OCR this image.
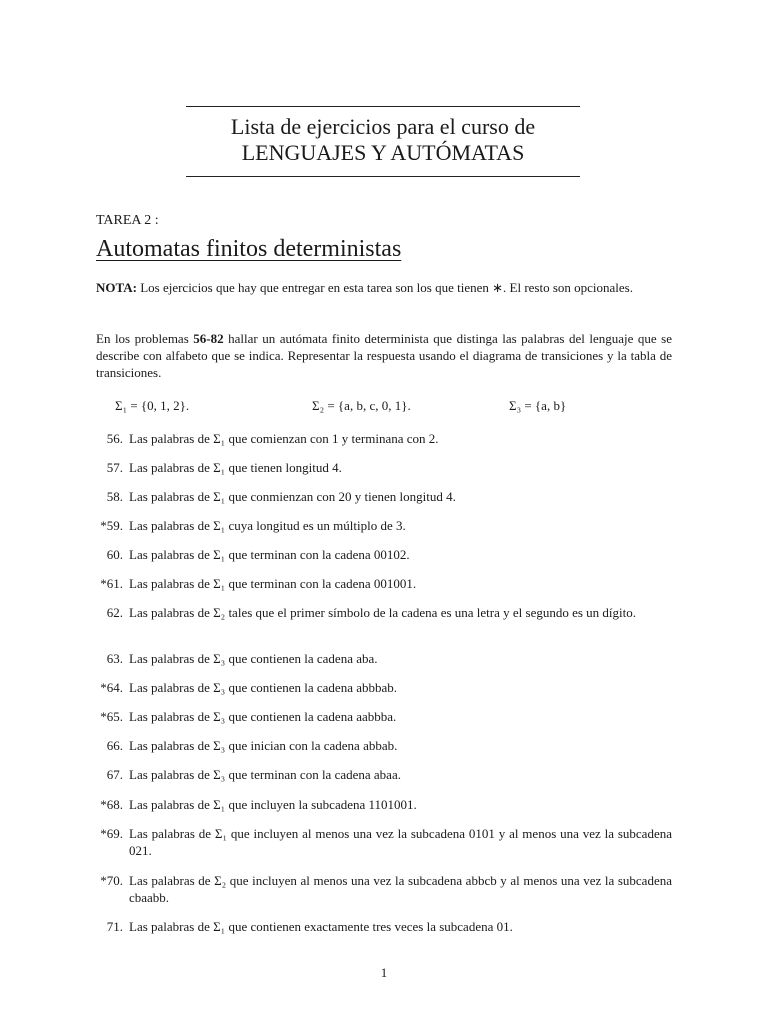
Lista de ejercicios para el curso de
LENGUAJES Y AUTÓMATAS
TAREA 2 :
Automatas finitos deterministas
NOTA: Los ejercicios que hay que entregar en esta tarea son los que tienen ∗. El resto son opcionales.
En los problemas 56-82 hallar un autómata finito determinista que distinga las palabras del lenguaje que se describe con alfabeto que se indica. Representar la respuesta usando el diagrama de transiciones y la tabla de transiciones.
Σ₁ = {0, 1, 2}.	Σ₂ = {a, b, c, 0, 1}.	Σ₃ = {a, b}
56. Las palabras de Σ₁ que comienzan con 1 y terminana con 2.
57. Las palabras de Σ₁ que tienen longitud 4.
58. Las palabras de Σ₁ que conmienzan con 20 y tienen longitud 4.
*59. Las palabras de Σ₁ cuya longitud es un múltiplo de 3.
60. Las palabras de Σ₁ que terminan con la cadena 00102.
*61. Las palabras de Σ₁ que terminan con la cadena 001001.
62. Las palabras de Σ₂ tales que el primer símbolo de la cadena es una letra y el segundo es un dígito.
63. Las palabras de Σ₃ que contienen la cadena aba.
*64. Las palabras de Σ₃ que contienen la cadena abbbab.
*65. Las palabras de Σ₃ que contienen la cadena aabbba.
66. Las palabras de Σ₃ que inician con la cadena abbab.
67. Las palabras de Σ₃ que terminan con la cadena abaa.
*68. Las palabras de Σ₁ que incluyen la subcadena 1101001.
*69. Las palabras de Σ₁ que incluyen al menos una vez la subcadena 0101 y al menos una vez la subcadena 021.
*70. Las palabras de Σ₂ que incluyen al menos una vez la subcadena abbcb y al menos una vez la subcadena cbaabb.
71. Las palabras de Σ₁ que contienen exactamente tres veces la subcadena 01.
1
